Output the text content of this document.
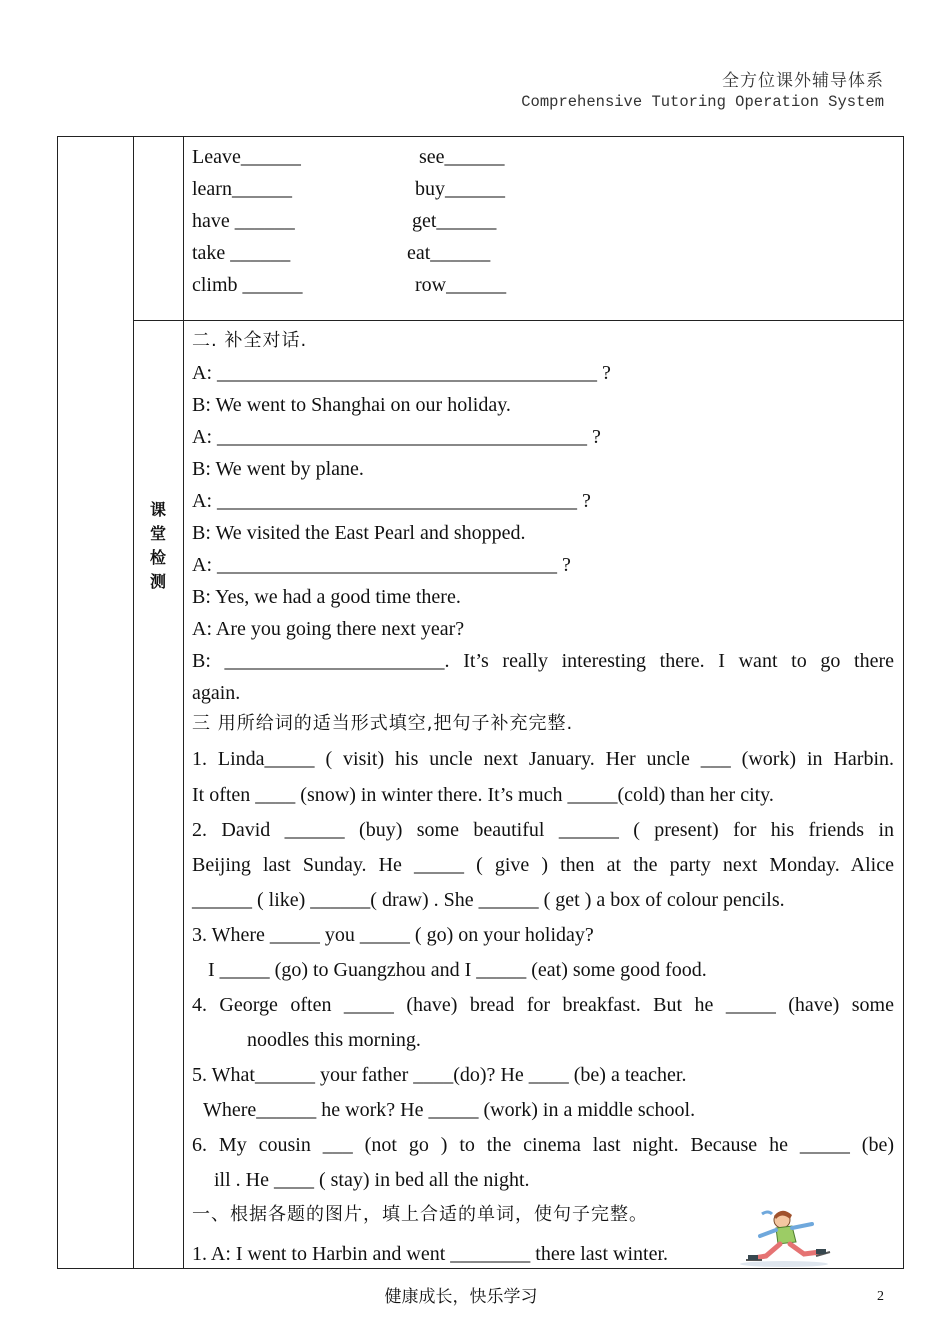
全方位课外辅导体系
Comprehensive Tutoring Operation System
Leave______
learn______
have ______
take ______
climb ______
see______
buy______
get______
eat______
row______
课
堂
检
测
二. 补全对话.
A: ______________________________________ ?
B: We went to Shanghai on our holiday.
A: _____________________________________ ?
B: We went by plane.
A: ____________________________________ ?
B: We visited the East Pearl and shopped.
A: __________________________________ ?
B: Yes, we had a good time there.
A: Are you going there next year?
B: ______________________. It’s really interesting there. I want to go there
again.
三 用所给词的适当形式填空,把句子补充完整.
1. Linda_____ ( visit) his uncle next January. Her uncle ___ (work) in Harbin.
It often ____ (snow) in winter there. It’s much _____(cold) than her city.
2. David ______ (buy) some beautiful ______ ( present) for his friends in
Beijing last Sunday. He _____ ( give ) then at the party next Monday. Alice
______ ( like) ______( draw) . She ______ ( get ) a box of colour pencils.
3. Where _____ you _____ ( go) on your holiday?
I _____ (go) to Guangzhou and I _____ (eat) some good food.
4. George often _____ (have) bread for breakfast. But he _____ (have) some
noodles this morning.
5. What______ your father ____(do)? He ____ (be) a teacher.
Where______ he work? He _____ (work) in a middle school.
6. My cousin ___ (not go ) to the cinema last night. Because he _____ (be)
ill . He ____ ( stay) in bed all the night.
一、根据各题的图片，填上合适的单词，使句子完整。
1. A: I went to Harbin and went ________ there last winter.
健康成长，快乐学习	2
